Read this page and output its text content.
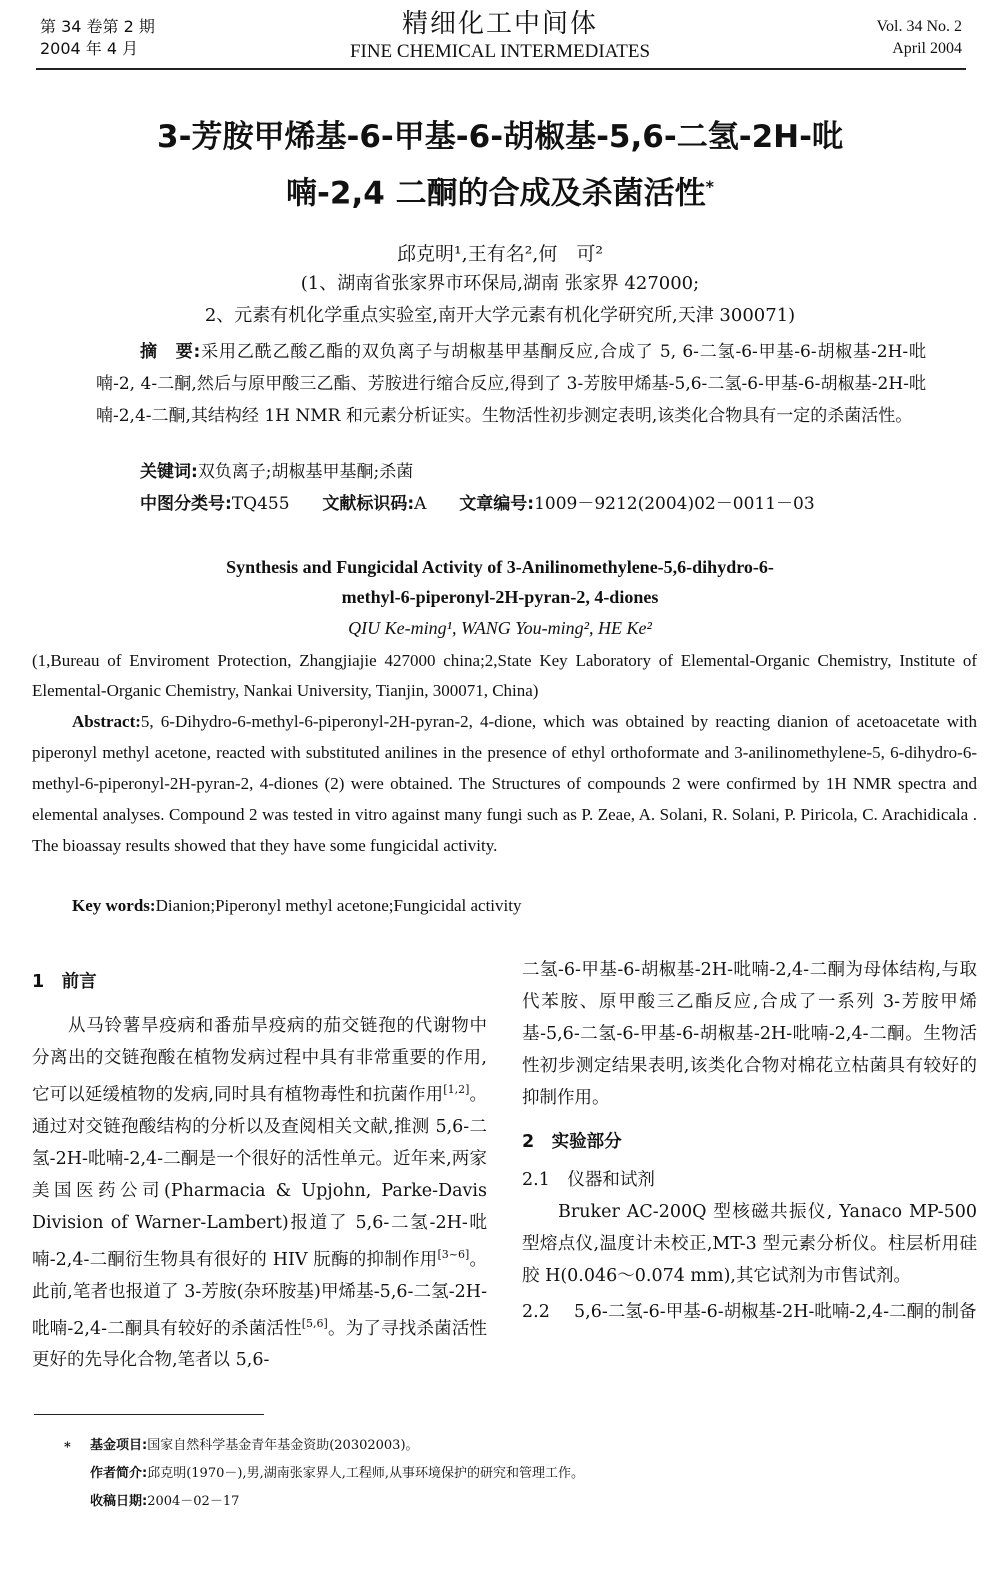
第 34 卷第 2 期
2004 年 4 月
精细化工中间体
FINE CHEMICAL INTERMEDIATES
Vol. 34 No. 2
April 2004
3-芳胺甲烯基-6-甲基-6-胡椒基-5,6-二氢-2H-吡
喃-2,4 二酮的合成及杀菌活性*
邱克明¹,王有名²,何　可²
(1、湖南省张家界市环保局,湖南 张家界 427000;
2、元素有机化学重点实验室,南开大学元素有机化学研究所,天津 300071)
摘　要:采用乙酰乙酸乙酯的双负离子与胡椒基甲基酮反应,合成了 5, 6-二氢-6-甲基-6-胡椒基-2H-吡喃-2, 4-二酮,然后与原甲酸三乙酯、芳胺进行缩合反应,得到了 3-芳胺甲烯基-5,6-二氢-6-甲基-6-胡椒基-2H-吡喃-2,4-二酮,其结构经 1H NMR 和元素分析证实。生物活性初步测定表明,该类化合物具有一定的杀菌活性。
关键词:双负离子;胡椒基甲基酮;杀菌
中图分类号:TQ455 文献标识码:A 文章编号:1009－9212(2004)02－0011－03
Synthesis and Fungicidal Activity of 3-Anilinomethylene-5,6-dihydro-6-
methyl-6-piperonyl-2H-pyran-2, 4-diones
QIU Ke-ming¹, WANG You-ming², HE Ke²
(1,Bureau of Enviroment Protection, Zhangjiajie 427000 china;2,State Key Laboratory of Elemental-Organic Chemistry, Institute of Elemental-Organic Chemistry, Nankai University, Tianjin, 300071, China)
Abstract:5, 6-Dihydro-6-methyl-6-piperonyl-2H-pyran-2, 4-dione, which was obtained by reacting dianion of acetoacetate with piperonyl methyl acetone, reacted with substituted anilines in the presence of ethyl orthoformate and 3-anilinomethylene-5, 6-dihydro-6-methyl-6-piperonyl-2H-pyran-2, 4-diones (2) were obtained. The Structures of compounds 2 were confirmed by 1H NMR spectra and elemental analyses. Compound 2 was tested in vitro against many fungi such as P. Zeae, A. Solani, R. Solani, P. Piricola, C. Arachidicala . The bioassay results showed that they have some fungicidal activity.
Key words:Dianion;Piperonyl methyl acetone;Fungicidal activity
1　前言

从马铃薯旱疫病和番茄旱疫病的茄交链孢的代谢物中分离出的交链孢酸在植物发病过程中具有非常重要的作用,它可以延缓植物的发病,同时具有植物毒性和抗菌作用[1,2]。通过对交链孢酸结构的分析以及查阅相关文献,推测 5,6-二氢-2H-吡喃-2,4-二酮是一个很好的活性单元。近年来,两家美国医药公司(Pharmacia & Upjohn, Parke-Davis Division of Warner-Lambert)报道了 5,6-二氢-2H-吡喃-2,4-二酮衍生物具有很好的 HIV 朊酶的抑制作用[3~6]。此前,笔者也报道了 3-芳胺(杂环胺基)甲烯基-5,6-二氢-2H-吡喃-2,4-二酮具有较好的杀菌活性[5,6]。为了寻找杀菌活性更好的先导化合物,笔者以 5,6-

二氢-6-甲基-6-胡椒基-2H-吡喃-2,4-二酮为母体结构,与取代苯胺、原甲酸三乙酯反应,合成了一系列 3-芳胺甲烯基-5,6-二氢-6-甲基-6-胡椒基-2H-吡喃-2,4-二酮。生物活性初步测定结果表明,该类化合物对棉花立枯菌具有较好的抑制作用。

2　实验部分
2.1　仪器和试剂

Bruker AC-200Q 型核磁共振仪, Yanaco MP-500 型熔点仪,温度计未校正,MT-3 型元素分析仪。柱层析用硅胶 H(0.046～0.074 mm),其它试剂为市售试剂。

2.2	5,6-二氢-6-甲基-6-胡椒基-2H-吡喃-2,4-二酮的制备
*	基金项目:国家自然科学基金青年基金资助(20302003)。
作者简介:邱克明(1970－),男,湖南张家界人,工程师,从事环境保护的研究和管理工作。
收稿日期:2004－02－17
